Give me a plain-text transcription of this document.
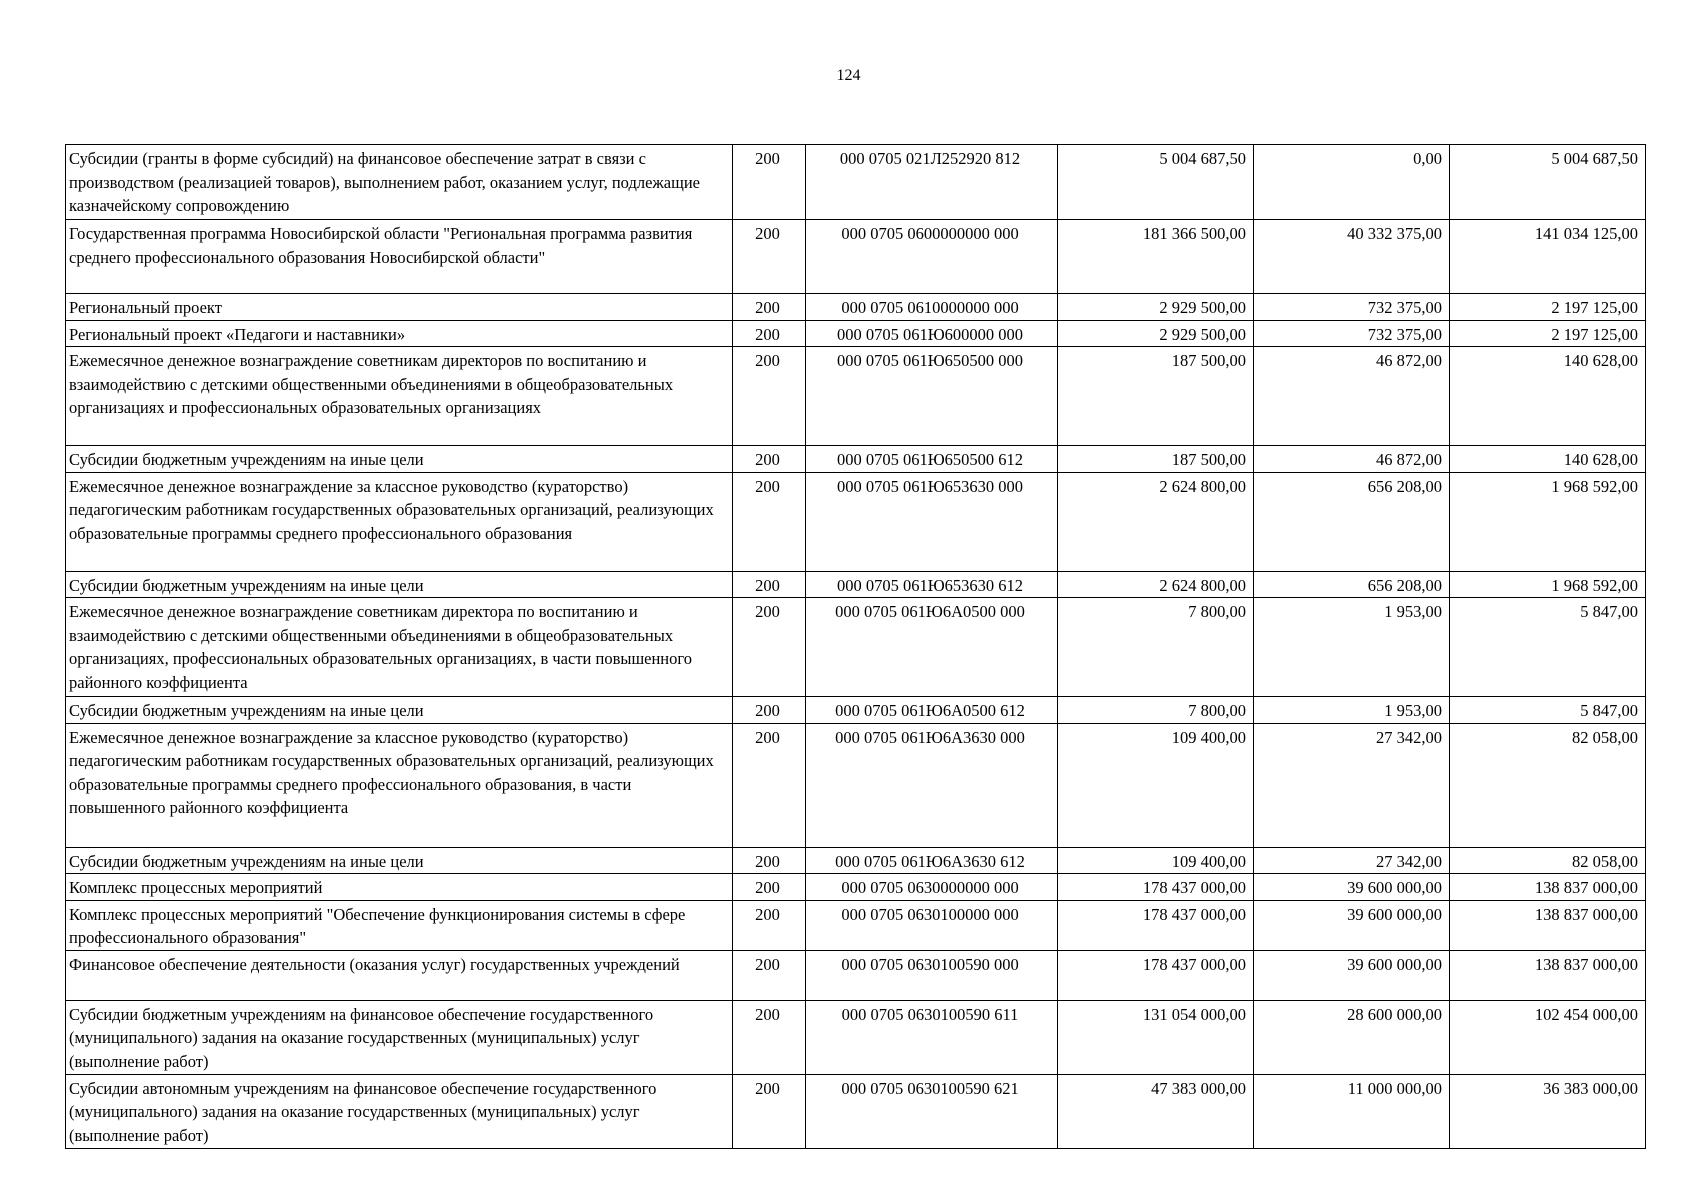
124
Субсидии (гранты в форме субсидий) на финансовое обеспечение затрат в связи с производством (реализацией товаров), выполнением работ, оказанием услуг, подлежащие казначейскому сопровождению	200	000 0705 021Л252920 812	5 004 687,50	0,00	5 004 687,50
Государственная программа Новосибирской области "Региональная программа развития среднего профессионального образования Новосибирской области"	200	000 0705 0600000000 000	181 366 500,00	40 332 375,00	141 034 125,00
Региональный проект	200	000 0705 0610000000 000	2 929 500,00	732 375,00	2 197 125,00
Региональный проект «Педагоги и наставники»	200	000 0705 061Ю600000 000	2 929 500,00	732 375,00	2 197 125,00
Ежемесячное денежное вознаграждение советникам директоров по воспитанию и взаимодействию с детскими общественными объединениями в общеобразовательных организациях и профессиональных образовательных организациях	200	000 0705 061Ю650500 000	187 500,00	46 872,00	140 628,00
Субсидии бюджетным учреждениям на иные цели	200	000 0705 061Ю650500 612	187 500,00	46 872,00	140 628,00
Ежемесячное денежное вознаграждение за классное руководство (кураторство) педагогическим работникам государственных образовательных организаций, реализующих образовательные программы среднего профессионального образования	200	000 0705 061Ю653630 000	2 624 800,00	656 208,00	1 968 592,00
Субсидии бюджетным учреждениям на иные цели	200	000 0705 061Ю653630 612	2 624 800,00	656 208,00	1 968 592,00
Ежемесячное денежное вознаграждение советникам директора по воспитанию и взаимодействию с детскими общественными объединениями в общеобразовательных организациях, профессиональных образовательных организациях, в части повышенного районного коэффициента	200	000 0705 061Ю6А0500 000	7 800,00	1 953,00	5 847,00
Субсидии бюджетным учреждениям на иные цели	200	000 0705 061Ю6А0500 612	7 800,00	1 953,00	5 847,00
Ежемесячное денежное вознаграждение за классное руководство (кураторство) педагогическим работникам государственных образовательных организаций, реализующих образовательные программы среднего профессионального образования, в части повышенного районного коэффициента	200	000 0705 061Ю6А3630 000	109 400,00	27 342,00	82 058,00
Субсидии бюджетным учреждениям на иные цели	200	000 0705 061Ю6А3630 612	109 400,00	27 342,00	82 058,00
Комплекс процессных мероприятий	200	000 0705 0630000000 000	178 437 000,00	39 600 000,00	138 837 000,00
Комплекс процессных мероприятий "Обеспечение функционирования системы в сфере профессионального образования"	200	000 0705 0630100000 000	178 437 000,00	39 600 000,00	138 837 000,00
Финансовое обеспечение деятельности (оказания услуг) государственных учреждений	200	000 0705 0630100590 000	178 437 000,00	39 600 000,00	138 837 000,00
Субсидии бюджетным учреждениям на финансовое обеспечение государственного (муниципального) задания на оказание государственных (муниципальных) услуг (выполнение работ)	200	000 0705 0630100590 611	131 054 000,00	28 600 000,00	102 454 000,00
Субсидии автономным учреждениям на финансовое обеспечение государственного (муниципального) задания на оказание государственных (муниципальных) услуг (выполнение работ)	200	000 0705 0630100590 621	47 383 000,00	11 000 000,00	36 383 000,00
